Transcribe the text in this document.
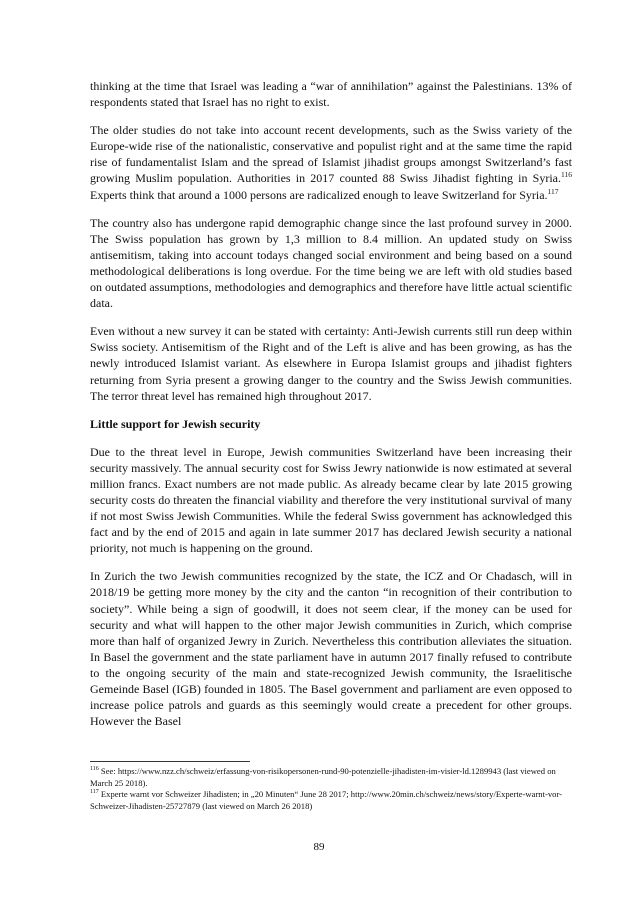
thinking at the time that Israel was leading a “war of annihilation” against the Palestinians. 13% of respondents stated that Israel has no right to exist.

The older studies do not take into account recent developments, such as the Swiss variety of the Europe-wide rise of the nationalistic, conservative and populist right and at the same time the rapid rise of fundamentalist Islam and the spread of Islamist jihadist groups amongst Switzerland’s fast growing Muslim population. Authorities in 2017 counted 88 Swiss Jihadist fighting in Syria.$^{116}$ Experts think that around a 1000 persons are radicalized enough to leave Switzerland for Syria.$^{117}$

The country also has undergone rapid demographic change since the last profound survey in 2000. The Swiss population has grown by 1,3 million to 8.4 million. An updated study on Swiss antisemitism, taking into account todays changed social environment and being based on a sound methodological deliberations is long overdue. For the time being we are left with old studies based on outdated assumptions, methodologies and demographics and therefore have little actual scientific data.

Even without a new survey it can be stated with certainty: Anti-Jewish currents still run deep within Swiss society. Antisemitism of the Right and of the Left is alive and has been growing, as has the newly introduced Islamist variant. As elsewhere in Europa Islamist groups and jihadist fighters returning from Syria present a growing danger to the country and the Swiss Jewish communities. The terror threat level has remained high throughout 2017.

Little support for Jewish security

Due to the threat level in Europe, Jewish communities Switzerland have been increasing their security massively. The annual security cost for Swiss Jewry nationwide is now estimated at several million francs. Exact numbers are not made public. As already became clear by late 2015 growing security costs do threaten the financial viability and therefore the very institutional survival of many if not most Swiss Jewish Communities. While the federal Swiss government has acknowledged this fact and by the end of 2015 and again in late summer 2017 has declared Jewish security a national priority, not much is happening on the ground.

In Zurich the two Jewish communities recognized by the state, the ICZ and Or Chadasch, will in 2018/19 be getting more money by the city and the canton “in recognition of their contribution to society”. While being a sign of goodwill, it does not seem clear, if the money can be used for security and what will happen to the other major Jewish communities in Zurich, which comprise more than half of organized Jewry in Zurich. Nevertheless this contribution alleviates the situation. In Basel the government and the state parliament have in autumn 2017 finally refused to contribute to the ongoing security of the main and state-recognized Jewish community, the Israelitische Gemeinde Basel (IGB) founded in 1805. The Basel government and parliament are even opposed to increase police patrols and guards as this seemingly would create a precedent for other groups. However the Basel

$^{116}$ See: https://www.nzz.ch/schweiz/erfassung-von-risikopersonen-rund-90-potenzielle-jihadisten-im-visier-ld.1289943 (last viewed on March 25 2018).

$^{117}$ Experte warnt vor Schweizer Jihadisten; in „20 Minuten“ June 28 2017; http://www.20min.ch/schweiz/news/story/Experte-warnt-vor-Schweizer-Jihadisten-25727879 (last viewed on March 26 2018)

89
